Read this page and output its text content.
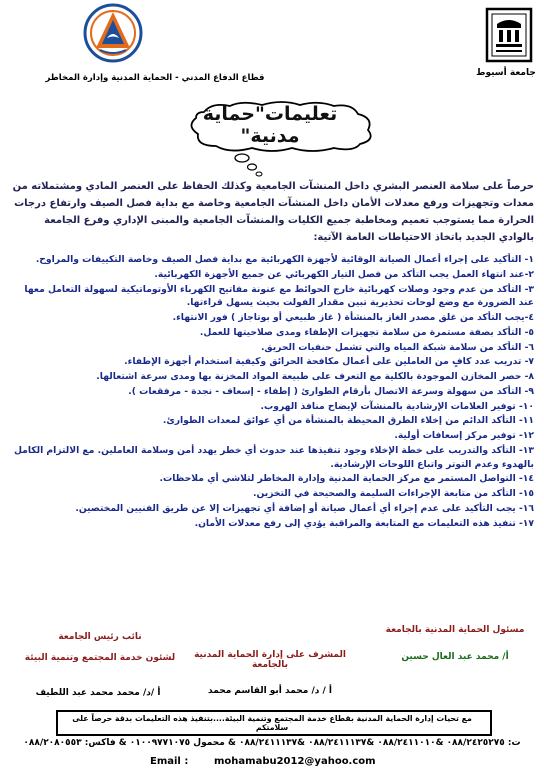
جامعة أسيوط
قطاع الدفاع المدني - الحماية المدنية وإدارة المخاطر
تعليمات"حماية مدنية"
حرصاً على سلامة العنصر البشري داخل المنشآت الجامعية وكذلك الحفاظ على العنصر المادي ومشتملاته من معدات وتجهيزات ورفع معدلات الأمان داخل المنشآت الجامعية وخاصة مع بداية فصل الصيف وارتفاع درجات الحرارة مما يستوجب تعميم ومخاطبة جميع الكليات والمنشآت الجامعية والمبنى الإداري وفرع الجامعة بالوادي الجديد باتخاذ الاحتياطات العامة الآتية:
١- التأكيد على إجراء أعمال الصيانة الوقائية لأجهزة الكهربائية مع بداية فصل الصيف وخاصة التكييفات والمراوح.
٢-عند انتهاء العمل يجب التأكد من فصل التيار الكهربائي عن جميع الأجهزة الكهربائية.
٣- التأكد من عدم وجود وصلات كهربائية خارج الحوائط مع عنونة مفاتيح الكهرباء الأوتوماتيكية لسهولة التعامل معها عند الضرورة مع وضع لوحات تحذيرية تبين مقدار الفولت بحيث يسهل قراءتها.
٤-يجب التأكد من غلق مصدر الغاز بالمنشأة ( غاز طبيعي أو بوتاجاز ) فور الانتهاء.
٥- التأكد بصفة مستمرة من سلامة تجهيزات الإطفاء ومدى صلاحيتها للعمل.
٦- التأكد من سلامة شبكة المياه والتي تشمل حنفيات الحريق.
٧- تدريب عدد كافٍ من العاملين على أعمال مكافحة الحرائق وكيفية استخدام أجهزة الإطفاء.
٨- حصر المخازن الموجودة بالكلية مع التعرف على طبيعة المواد المخزنة بها ومدى سرعة اشتعالها.
٩- التأكد من سهولة وسرعة الاتصال بأرقام الطوارئ ( إطفاء - إسعاف - نجدة - مرفقعات ).
١٠- توفير العلامات الإرشادية بالمنشآت لإيضاح منافذ الهروب.
١١- التأكد الدائم من إخلاء الطرق المحيطة بالمنشأة من أي عوائق لمعدات الطوارئ.
١٢- توفير مركز إسعافات أولية.
١٣- التأكد والتدريب على خطة الإخلاء وجود تنفيذها عند حدوث أي خطر يهدد أمن وسلامة العاملين. مع الالتزام الكامل بالهدوء وعدم التوتر واتباع اللوحات الإرشادية.
١٤- التواصل المستمر مع مركز الحماية المدنية وإدارة المخاطر لتلاشي أي ملاحظات.
١٥- التأكد من متابعة الإجراءات السليمة والصحيحة في التخزين.
١٦- يجب التأكيد على عدم إجراء أي أعمال صيانة أو إضافة أي تجهيزات إلا عن طريق الفنيين المختصين.
١٧- تنفيذ هذه التعليمات مع المتابعة والمراقبة يؤدي إلى رفع معدلات الأمان.
مسئول الحماية المدنية بالجامعة
أ/ محمد عبد العال حسين
المشرف على إدارة الحماية المدنية بالجامعة
أ / د/ محمد أبو القاسم محمد
نائب رئيس الجامعة
لشئون خدمة المجتمع وتنمية البيئة
أ /د/ محمد محمد عبد اللطيف
مع تحيات إدارة الحماية المدنية بقطاع خدمة المجتمع وتنمية البيئة....بتنفيذ هذه التعليمات بدقة حرصاً على سلامتكم
ت: ٠٨٨/٢٤٢٥٢٧٥ &٠٨٨/٢٤١١٠١٠ &٠٨٨/٢٤١١١٣٧ &٠٨٨/٢٤١١١٣٧ & محمول ٠١٠٠٩٧٧١٠٧٥ & فاكس: ٠٨٨/٢٠٨٠٥٥٣
Email :	mohamabu2012@yahoo.com
